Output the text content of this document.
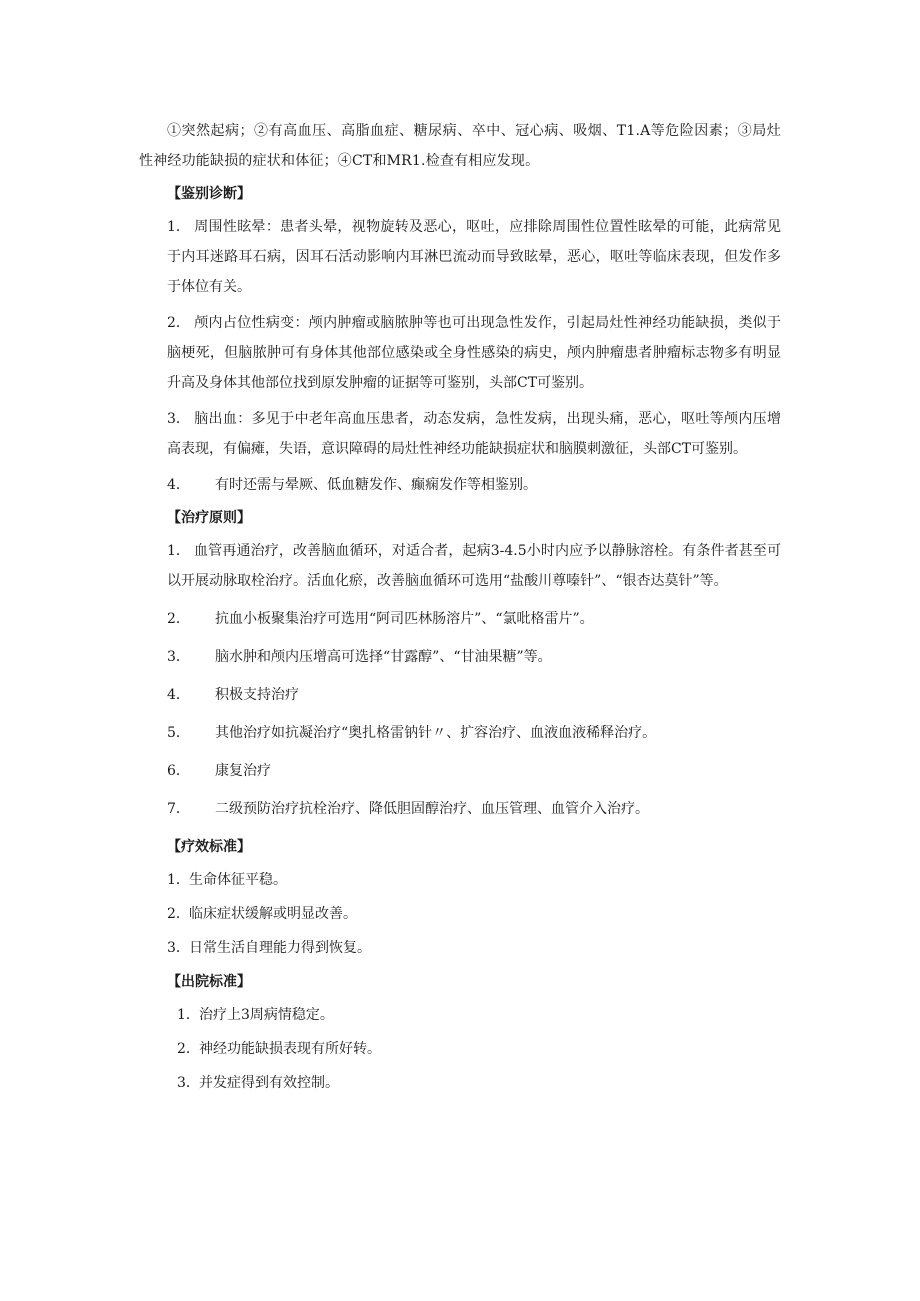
①突然起病；②有高血压、高脂血症、糖尿病、卒中、冠心病、吸烟、T1.A等危险因素；③局灶性神经功能缺损的症状和体征；④CT和MR1.检查有相应发现。

【鉴别诊断】

1． 周围性眩晕：患者头晕，视物旋转及恶心，呕吐，应排除周围性位置性眩晕的可能，此病常见于内耳迷路耳石病，因耳石活动影响内耳淋巴流动而导致眩晕，恶心，呕吐等临床表现，但发作多于体位有关。

2． 颅内占位性病变：颅内肿瘤或脑脓肿等也可出现急性发作，引起局灶性神经功能缺损，类似于脑梗死，但脑脓肿可有身体其他部位感染或全身性感染的病史，颅内肿瘤患者肿瘤标志物多有明显升高及身体其他部位找到原发肿瘤的证据等可鉴别，头部CT可鉴别。

3． 脑出血：多见于中老年高血压患者，动态发病，急性发病，出现头痛，恶心，呕吐等颅内压增高表现，有偏瘫，失语，意识障碍的局灶性神经功能缺损症状和脑膜刺激征，头部CT可鉴别。

4．	有时还需与晕厥、低血糖发作、癫痫发作等相鉴别。

【治疗原则】

1． 血管再通治疗，改善脑血循环，对适合者，起病3-4.5小时内应予以静脉溶栓。有条件者甚至可以开展动脉取栓治疗。活血化瘀，改善脑血循环可选用“盐酸川尊嗪针”、“银杏达莫针”等。

2．	抗血小板聚集治疗可选用“阿司匹林肠溶片”、“氯吡格雷片”。

3．	脑水肿和颅内压增高可选择“甘露醇”、“甘油果糖”等。

4．	积极支持治疗

5．	其他治疗如抗凝治疗“奥扎格雷钠针〃、扩容治疗、血液血液稀释治疗。

6．	康复治疗

7．	二级预防治疗抗栓治疗、降低胆固醇治疗、血压管理、血管介入治疗。

【疗效标准】

1． 生命体征平稳。

2． 临床症状缓解或明显改善。

3． 日常生活自理能力得到恢复。

【出院标准】

1． 治疗上3周病情稳定。

2． 神经功能缺损表现有所好转。

3． 并发症得到有效控制。
